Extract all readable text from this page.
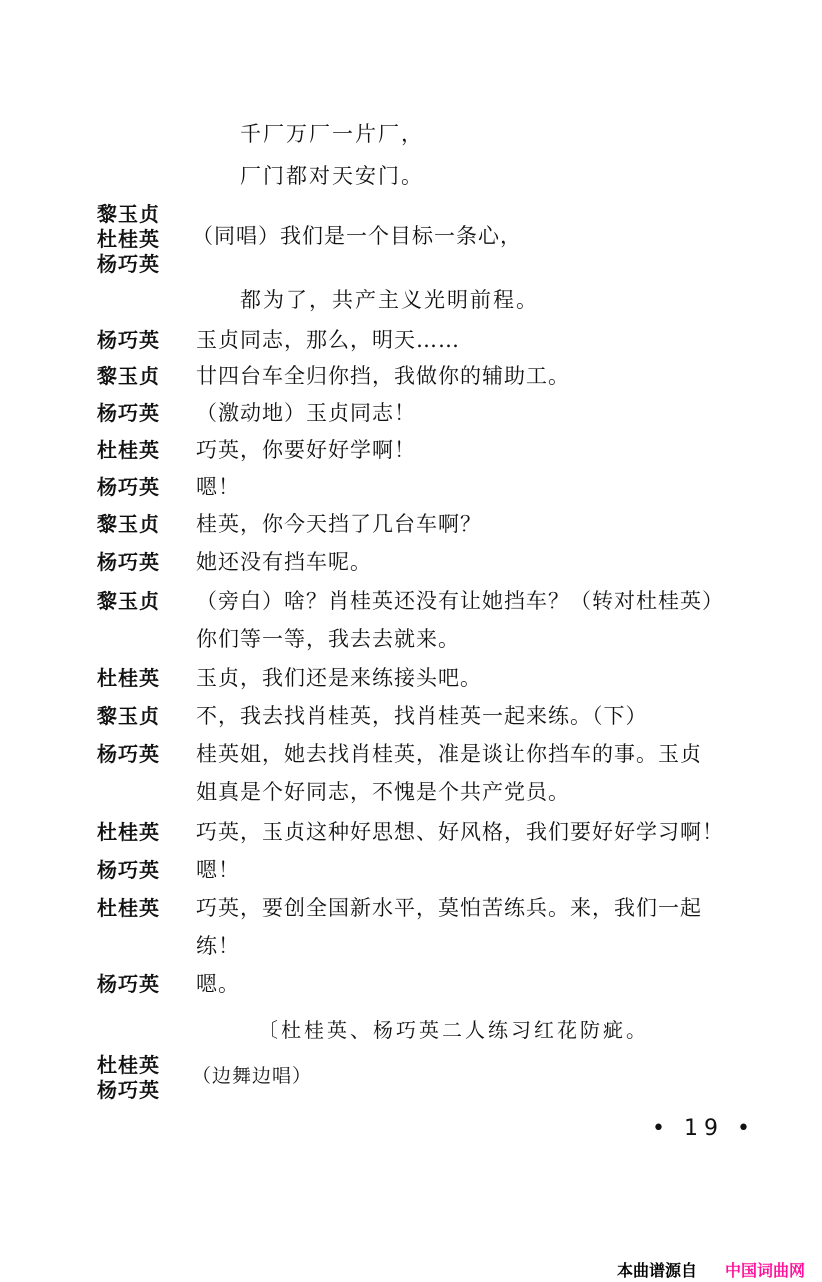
千厂万厂一片厂，
厂门都对天安门。
黎玉贞
杜桂英
杨巧英
（同唱）我们是一个目标一条心，
都为了，共产主义光明前程。
杨巧英 玉贞同志，那么，明天……
黎玉贞 廿四台车全归你挡，我做你的辅助工。
杨巧英 （激动地）玉贞同志！
杜桂英 巧英，你要好好学啊！
杨巧英 嗯！
黎玉贞 桂英，你今天挡了几台车啊？
杨巧英 她还没有挡车呢。
黎玉贞 （旁白）啥？肖桂英还没有让她挡车？（转对杜桂英）
你们等一等，我去去就来。
杜桂英 玉贞，我们还是来练接头吧。
黎玉贞 不，我去找肖桂英，找肖桂英一起来练。（下）
杨巧英 桂英姐，她去找肖桂英，准是谈让你挡车的事。玉贞
姐真是个好同志，不愧是个共产党员。
杜桂英 巧英，玉贞这种好思想、好风格，我们要好好学习啊！
杨巧英 嗯！
杜桂英 巧英，要创全国新水平，莫怕苦练兵。来，我们一起
练！
杨巧英 嗯。
〔杜桂英、杨巧英二人练习红花防疵。
杜桂英
杨巧英
（边舞边唱）
• 19 •
本曲谱源自 中国词曲网
